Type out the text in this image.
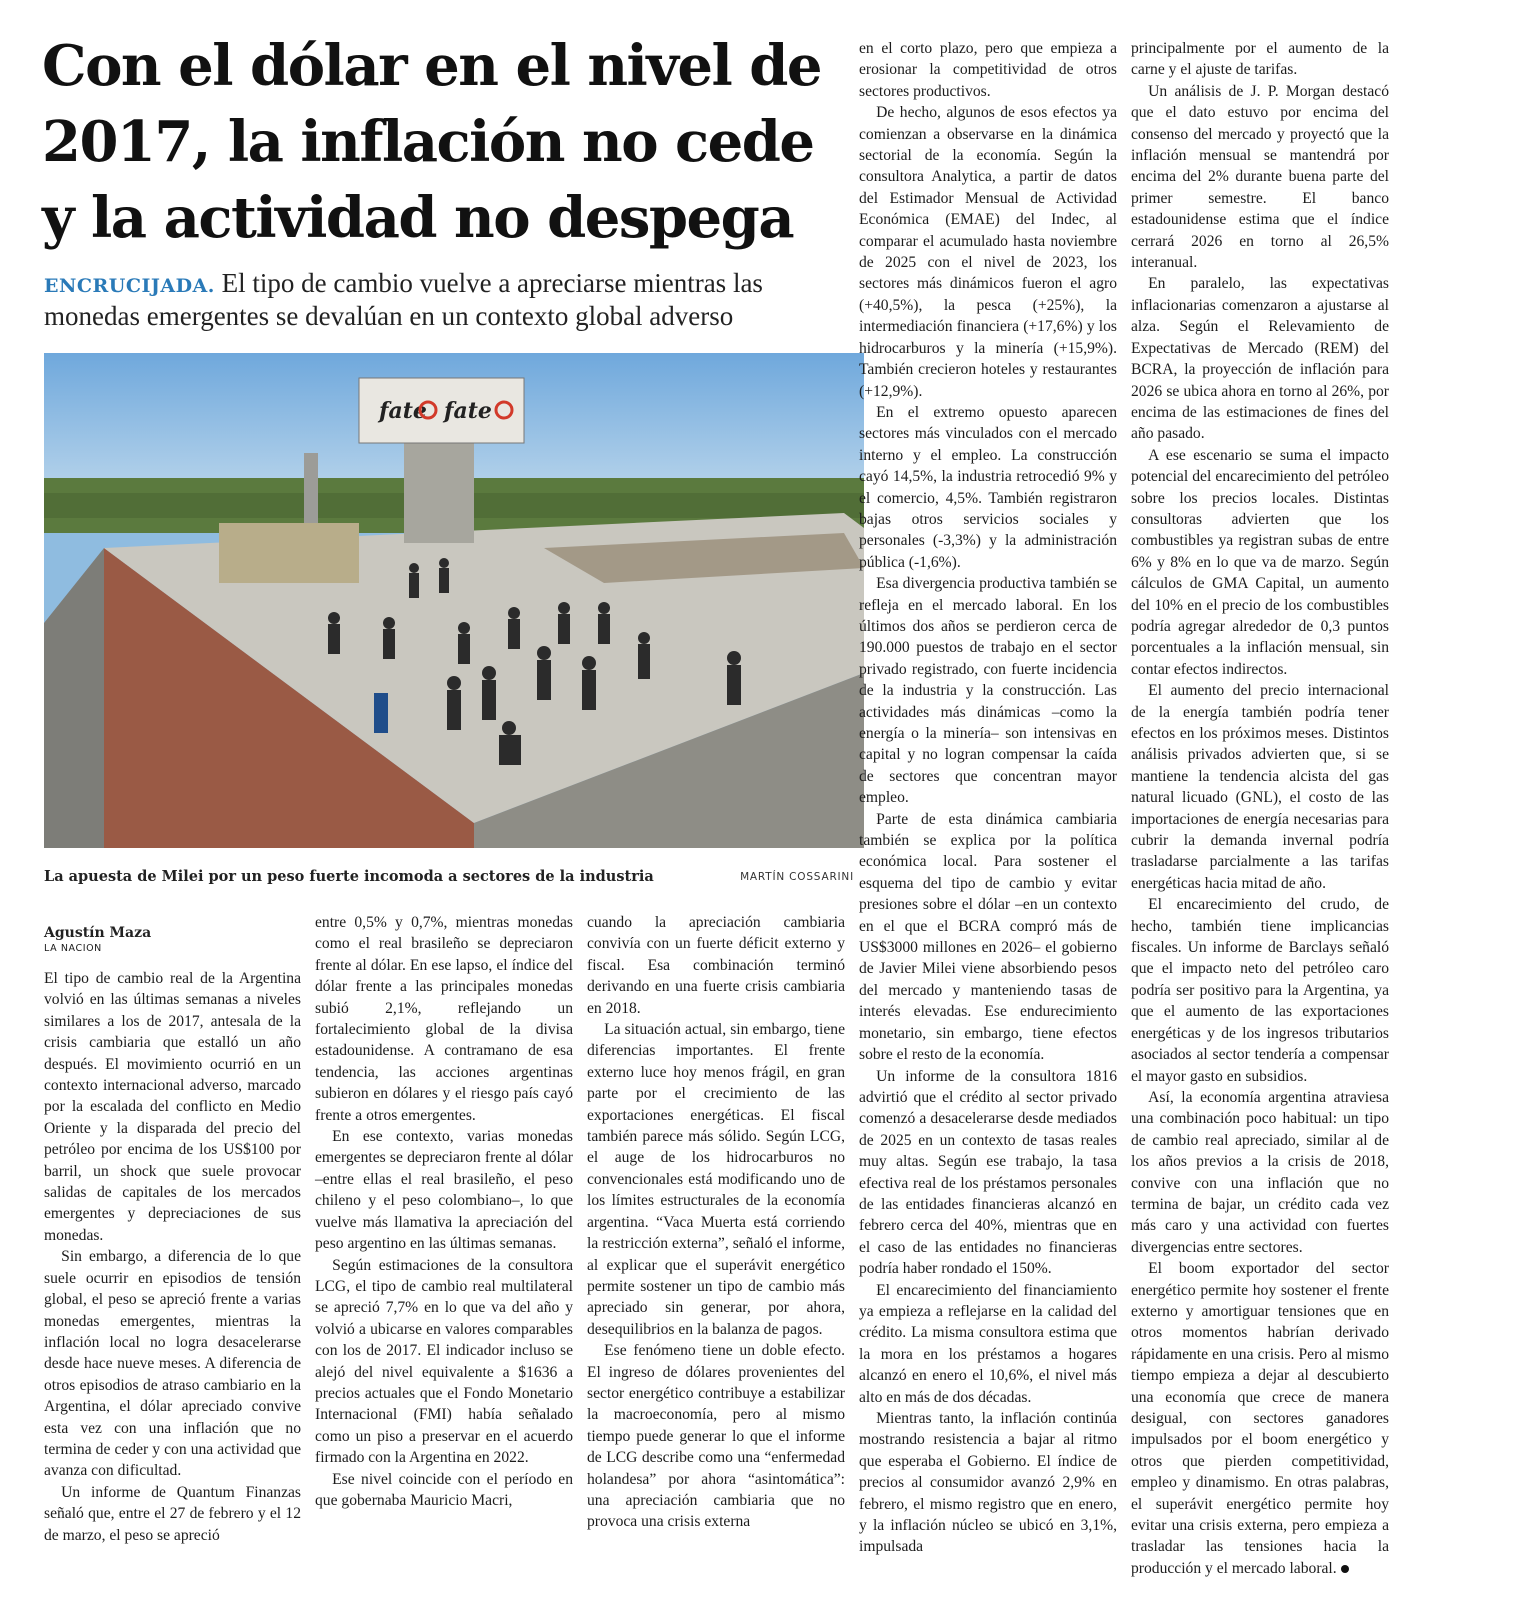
Con el dólar en el nivel de 2017, la inflación no cede y la actividad no despega
ENCRUCIJADA. El tipo de cambio vuelve a apreciarse mientras las monedas emergentes se devalúan en un contexto global adverso
fate fate
La apuesta de Milei por un peso fuerte incomoda a sectores de la industria	MARTÍN COSSARINI
Agustín Maza
LA NACION

El tipo de cambio real de la Argentina volvió en las últimas semanas a niveles similares a los de 2017, antesala de la crisis cambiaria que estalló un año después. El movimiento ocurrió en un contexto internacional adverso, marcado por la escalada del conflicto en Medio Oriente y la disparada del precio del petróleo por encima de los US$100 por barril, un shock que suele provocar salidas de capitales de los mercados emergentes y depreciaciones de sus monedas.

Sin embargo, a diferencia de lo que suele ocurrir en episodios de tensión global, el peso se apreció frente a varias monedas emergentes, mientras la inflación local no logra desacelerarse desde hace nueve meses. A diferencia de otros episodios de atraso cambiario en la Argentina, el dólar apreciado convive esta vez con una inflación que no termina de ceder y con una actividad que avanza con dificultad.

Un informe de Quantum Finanzas señaló que, entre el 27 de febrero y el 12 de marzo, el peso se apreció

entre 0,5% y 0,7%, mientras monedas como el real brasileño se depreciaron frente al dólar. En ese lapso, el índice del dólar frente a las principales monedas subió 2,1%, reflejando un fortalecimiento global de la divisa estadounidense. A contramano de esa tendencia, las acciones argentinas subieron en dólares y el riesgo país cayó frente a otros emergentes.

En ese contexto, varias monedas emergentes se depreciaron frente al dólar –entre ellas el real brasileño, el peso chileno y el peso colombiano–, lo que vuelve más llamativa la apreciación del peso argentino en las últimas semanas.

Según estimaciones de la consultora LCG, el tipo de cambio real multilateral se apreció 7,7% en lo que va del año y volvió a ubicarse en valores comparables con los de 2017. El indicador incluso se alejó del nivel equivalente a $1636 a precios actuales que el Fondo Monetario Internacional (FMI) había señalado como un piso a preservar en el acuerdo firmado con la Argentina en 2022.

Ese nivel coincide con el período en que gobernaba Mauricio Macri,

cuando la apreciación cambiaria convivía con un fuerte déficit externo y fiscal. Esa combinación terminó derivando en una fuerte crisis cambiaria en 2018.

La situación actual, sin embargo, tiene diferencias importantes. El frente externo luce hoy menos frágil, en gran parte por el crecimiento de las exportaciones energéticas. El fiscal también parece más sólido. Según LCG, el auge de los hidrocarburos no convencionales está modificando uno de los límites estructurales de la economía argentina. “Vaca Muerta está corriendo la restricción externa”, señaló el informe, al explicar que el superávit energético permite sostener un tipo de cambio más apreciado sin generar, por ahora, desequilibrios en la balanza de pagos.

Ese fenómeno tiene un doble efecto. El ingreso de dólares provenientes del sector energético contribuye a estabilizar la macroeconomía, pero al mismo tiempo puede generar lo que el informe de LCG describe como una “enfermedad holandesa” por ahora “asintomática”: una apreciación cambiaria que no provoca una crisis externa

en el corto plazo, pero que empieza a erosionar la competitividad de otros sectores productivos.

De hecho, algunos de esos efectos ya comienzan a observarse en la dinámica sectorial de la economía. Según la consultora Analytica, a partir de datos del Estimador Mensual de Actividad Económica (EMAE) del Indec, al comparar el acumulado hasta noviembre de 2025 con el nivel de 2023, los sectores más dinámicos fueron el agro (+40,5%), la pesca (+25%), la intermediación financiera (+17,6%) y los hidrocarburos y la minería (+15,9%). También crecieron hoteles y restaurantes (+12,9%).

En el extremo opuesto aparecen sectores más vinculados con el mercado interno y el empleo. La construcción cayó 14,5%, la industria retrocedió 9% y el comercio, 4,5%. También registraron bajas otros servicios sociales y personales (-3,3%) y la administración pública (-1,6%).

Esa divergencia productiva también se refleja en el mercado laboral. En los últimos dos años se perdieron cerca de 190.000 puestos de trabajo en el sector privado registrado, con fuerte incidencia de la industria y la construcción. Las actividades más dinámicas –como la energía o la minería– son intensivas en capital y no logran compensar la caída de sectores que concentran mayor empleo.

Parte de esta dinámica cambiaria también se explica por la política económica local. Para sostener el esquema del tipo de cambio y evitar presiones sobre el dólar –en un contexto en el que el BCRA compró más de US$3000 millones en 2026– el gobierno de Javier Milei viene absorbiendo pesos del mercado y manteniendo tasas de interés elevadas. Ese endurecimiento monetario, sin embargo, tiene efectos sobre el resto de la economía.

Un informe de la consultora 1816 advirtió que el crédito al sector privado comenzó a desacelerarse desde mediados de 2025 en un contexto de tasas reales muy altas. Según ese trabajo, la tasa efectiva real de los préstamos personales de las entidades financieras alcanzó en febrero cerca del 40%, mientras que en el caso de las entidades no financieras podría haber rondado el 150%.

El encarecimiento del financiamiento ya empieza a reflejarse en la calidad del crédito. La misma consultora estima que la mora en los préstamos a hogares alcanzó en enero el 10,6%, el nivel más alto en más de dos décadas.

Mientras tanto, la inflación continúa mostrando resistencia a bajar al ritmo que esperaba el Gobierno. El índice de precios al consumidor avanzó 2,9% en febrero, el mismo registro que en enero, y la inflación núcleo se ubicó en 3,1%, impulsada

principalmente por el aumento de la carne y el ajuste de tarifas.

Un análisis de J. P. Morgan destacó que el dato estuvo por encima del consenso del mercado y proyectó que la inflación mensual se mantendrá por encima del 2% durante buena parte del primer semestre. El banco estadounidense estima que el índice cerrará 2026 en torno al 26,5% interanual.

En paralelo, las expectativas inflacionarias comenzaron a ajustarse al alza. Según el Relevamiento de Expectativas de Mercado (REM) del BCRA, la proyección de inflación para 2026 se ubica ahora en torno al 26%, por encima de las estimaciones de fines del año pasado.

A ese escenario se suma el impacto potencial del encarecimiento del petróleo sobre los precios locales. Distintas consultoras advierten que los combustibles ya registran subas de entre 6% y 8% en lo que va de marzo. Según cálculos de GMA Capital, un aumento del 10% en el precio de los combustibles podría agregar alrededor de 0,3 puntos porcentuales a la inflación mensual, sin contar efectos indirectos.

El aumento del precio internacional de la energía también podría tener efectos en los próximos meses. Distintos análisis privados advierten que, si se mantiene la tendencia alcista del gas natural licuado (GNL), el costo de las importaciones de energía necesarias para cubrir la demanda invernal podría trasladarse parcialmente a las tarifas energéticas hacia mitad de año.

El encarecimiento del crudo, de hecho, también tiene implicancias fiscales. Un informe de Barclays señaló que el impacto neto del petróleo caro podría ser positivo para la Argentina, ya que el aumento de las exportaciones energéticas y de los ingresos tributarios asociados al sector tendería a compensar el mayor gasto en subsidios.

Así, la economía argentina atraviesa una combinación poco habitual: un tipo de cambio real apreciado, similar al de los años previos a la crisis de 2018, convive con una inflación que no termina de bajar, un crédito cada vez más caro y una actividad con fuertes divergencias entre sectores.

El boom exportador del sector energético permite hoy sostener el frente externo y amortiguar tensiones que en otros momentos habrían derivado rápidamente en una crisis. Pero al mismo tiempo empieza a dejar al descubierto una economía que crece de manera desigual, con sectores ganadores impulsados por el boom energético y otros que pierden competitividad, empleo y dinamismo. En otras palabras, el superávit energético permite hoy evitar una crisis externa, pero empieza a trasladar las tensiones hacia la producción y el mercado laboral.
